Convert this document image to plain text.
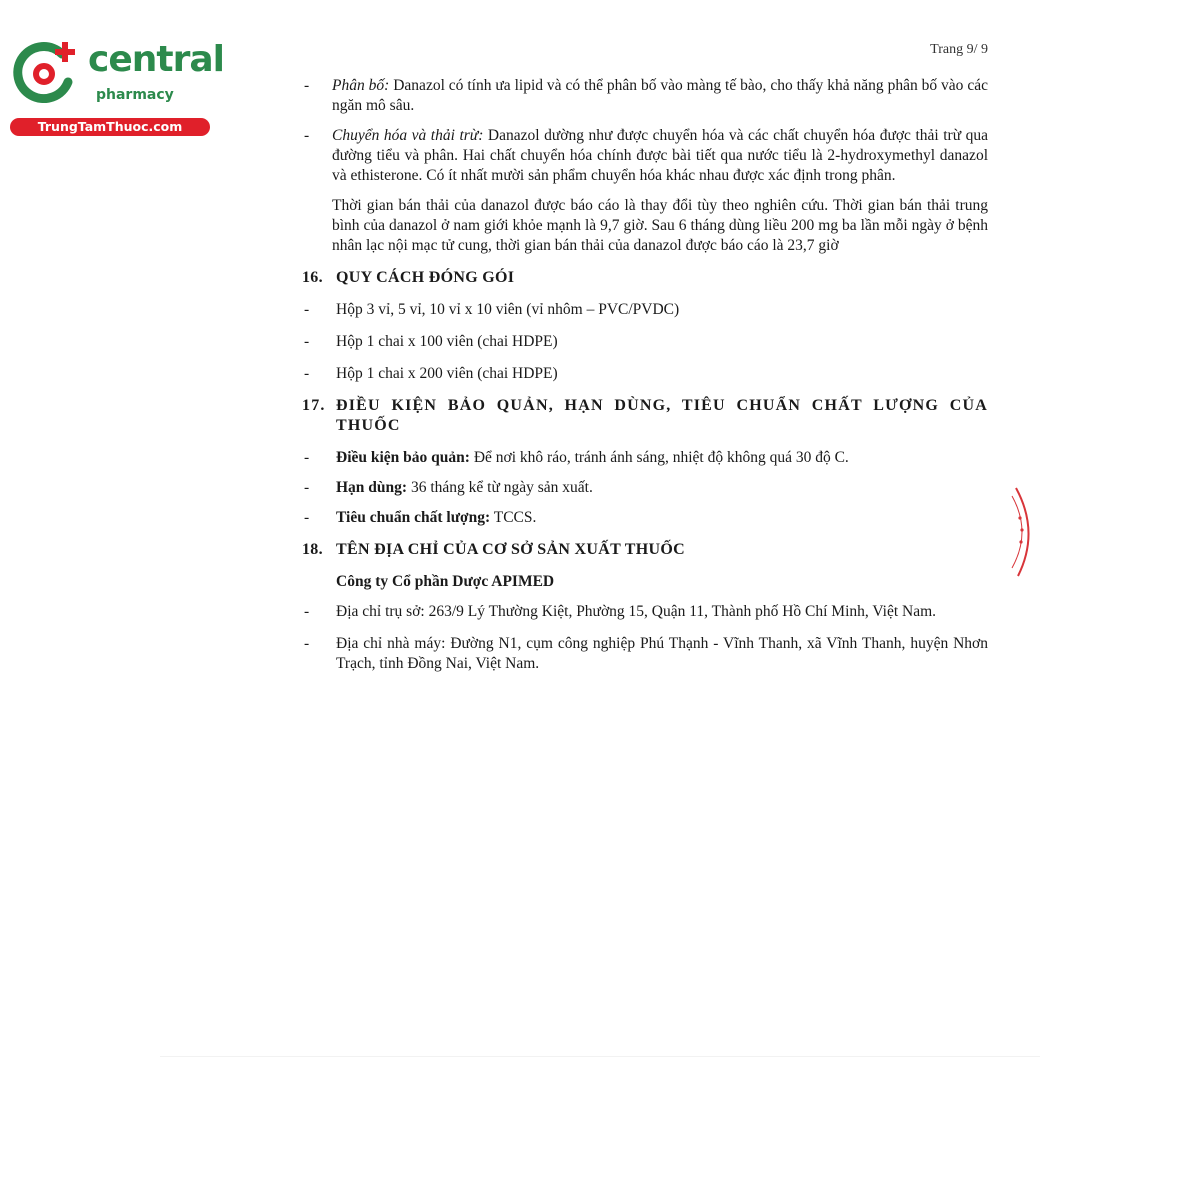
central
pharmacy
TrungTamThuoc.com
Trang 9/ 9
- Phân bố: Danazol có tính ưa lipid và có thể phân bố vào màng tế bào, cho thấy khả năng phân bố vào các ngăn mô sâu.
- Chuyển hóa và thải trừ: Danazol dường như được chuyển hóa và các chất chuyển hóa được thải trừ qua đường tiểu và phân. Hai chất chuyển hóa chính được bài tiết qua nước tiểu là 2-hydroxymethyl danazol và ethisterone. Có ít nhất mười sản phẩm chuyển hóa khác nhau được xác định trong phân.
Thời gian bán thải của danazol được báo cáo là thay đổi tùy theo nghiên cứu. Thời gian bán thải trung bình của danazol ở nam giới khỏe mạnh là 9,7 giờ. Sau 6 tháng dùng liều 200 mg ba lần mỗi ngày ở bệnh nhân lạc nội mạc tử cung, thời gian bán thải của danazol được báo cáo là 23,7 giờ
16. QUY CÁCH ĐÓNG GÓI
- Hộp 3 vỉ, 5 vỉ, 10 vỉ x 10 viên (vỉ nhôm – PVC/PVDC)
- Hộp 1 chai x 100 viên (chai HDPE)
- Hộp 1 chai x 200 viên (chai HDPE)
17. ĐIỀU KIỆN BẢO QUẢN, HẠN DÙNG, TIÊU CHUẨN CHẤT LƯỢNG CỦA THUỐC
- Điều kiện bảo quản: Để nơi khô ráo, tránh ánh sáng, nhiệt độ không quá 30 độ C.
- Hạn dùng: 36 tháng kể từ ngày sản xuất.
- Tiêu chuẩn chất lượng: TCCS.
18. TÊN ĐỊA CHỈ CỦA CƠ SỞ SẢN XUẤT THUỐC
Công ty Cổ phần Dược APIMED
- Địa chỉ trụ sở: 263/9 Lý Thường Kiệt, Phường 15, Quận 11, Thành phố Hồ Chí Minh, Việt Nam.
- Địa chỉ nhà máy: Đường N1, cụm công nghiệp Phú Thạnh - Vĩnh Thanh, xã Vĩnh Thanh, huyện Nhơn Trạch, tỉnh Đồng Nai, Việt Nam.
